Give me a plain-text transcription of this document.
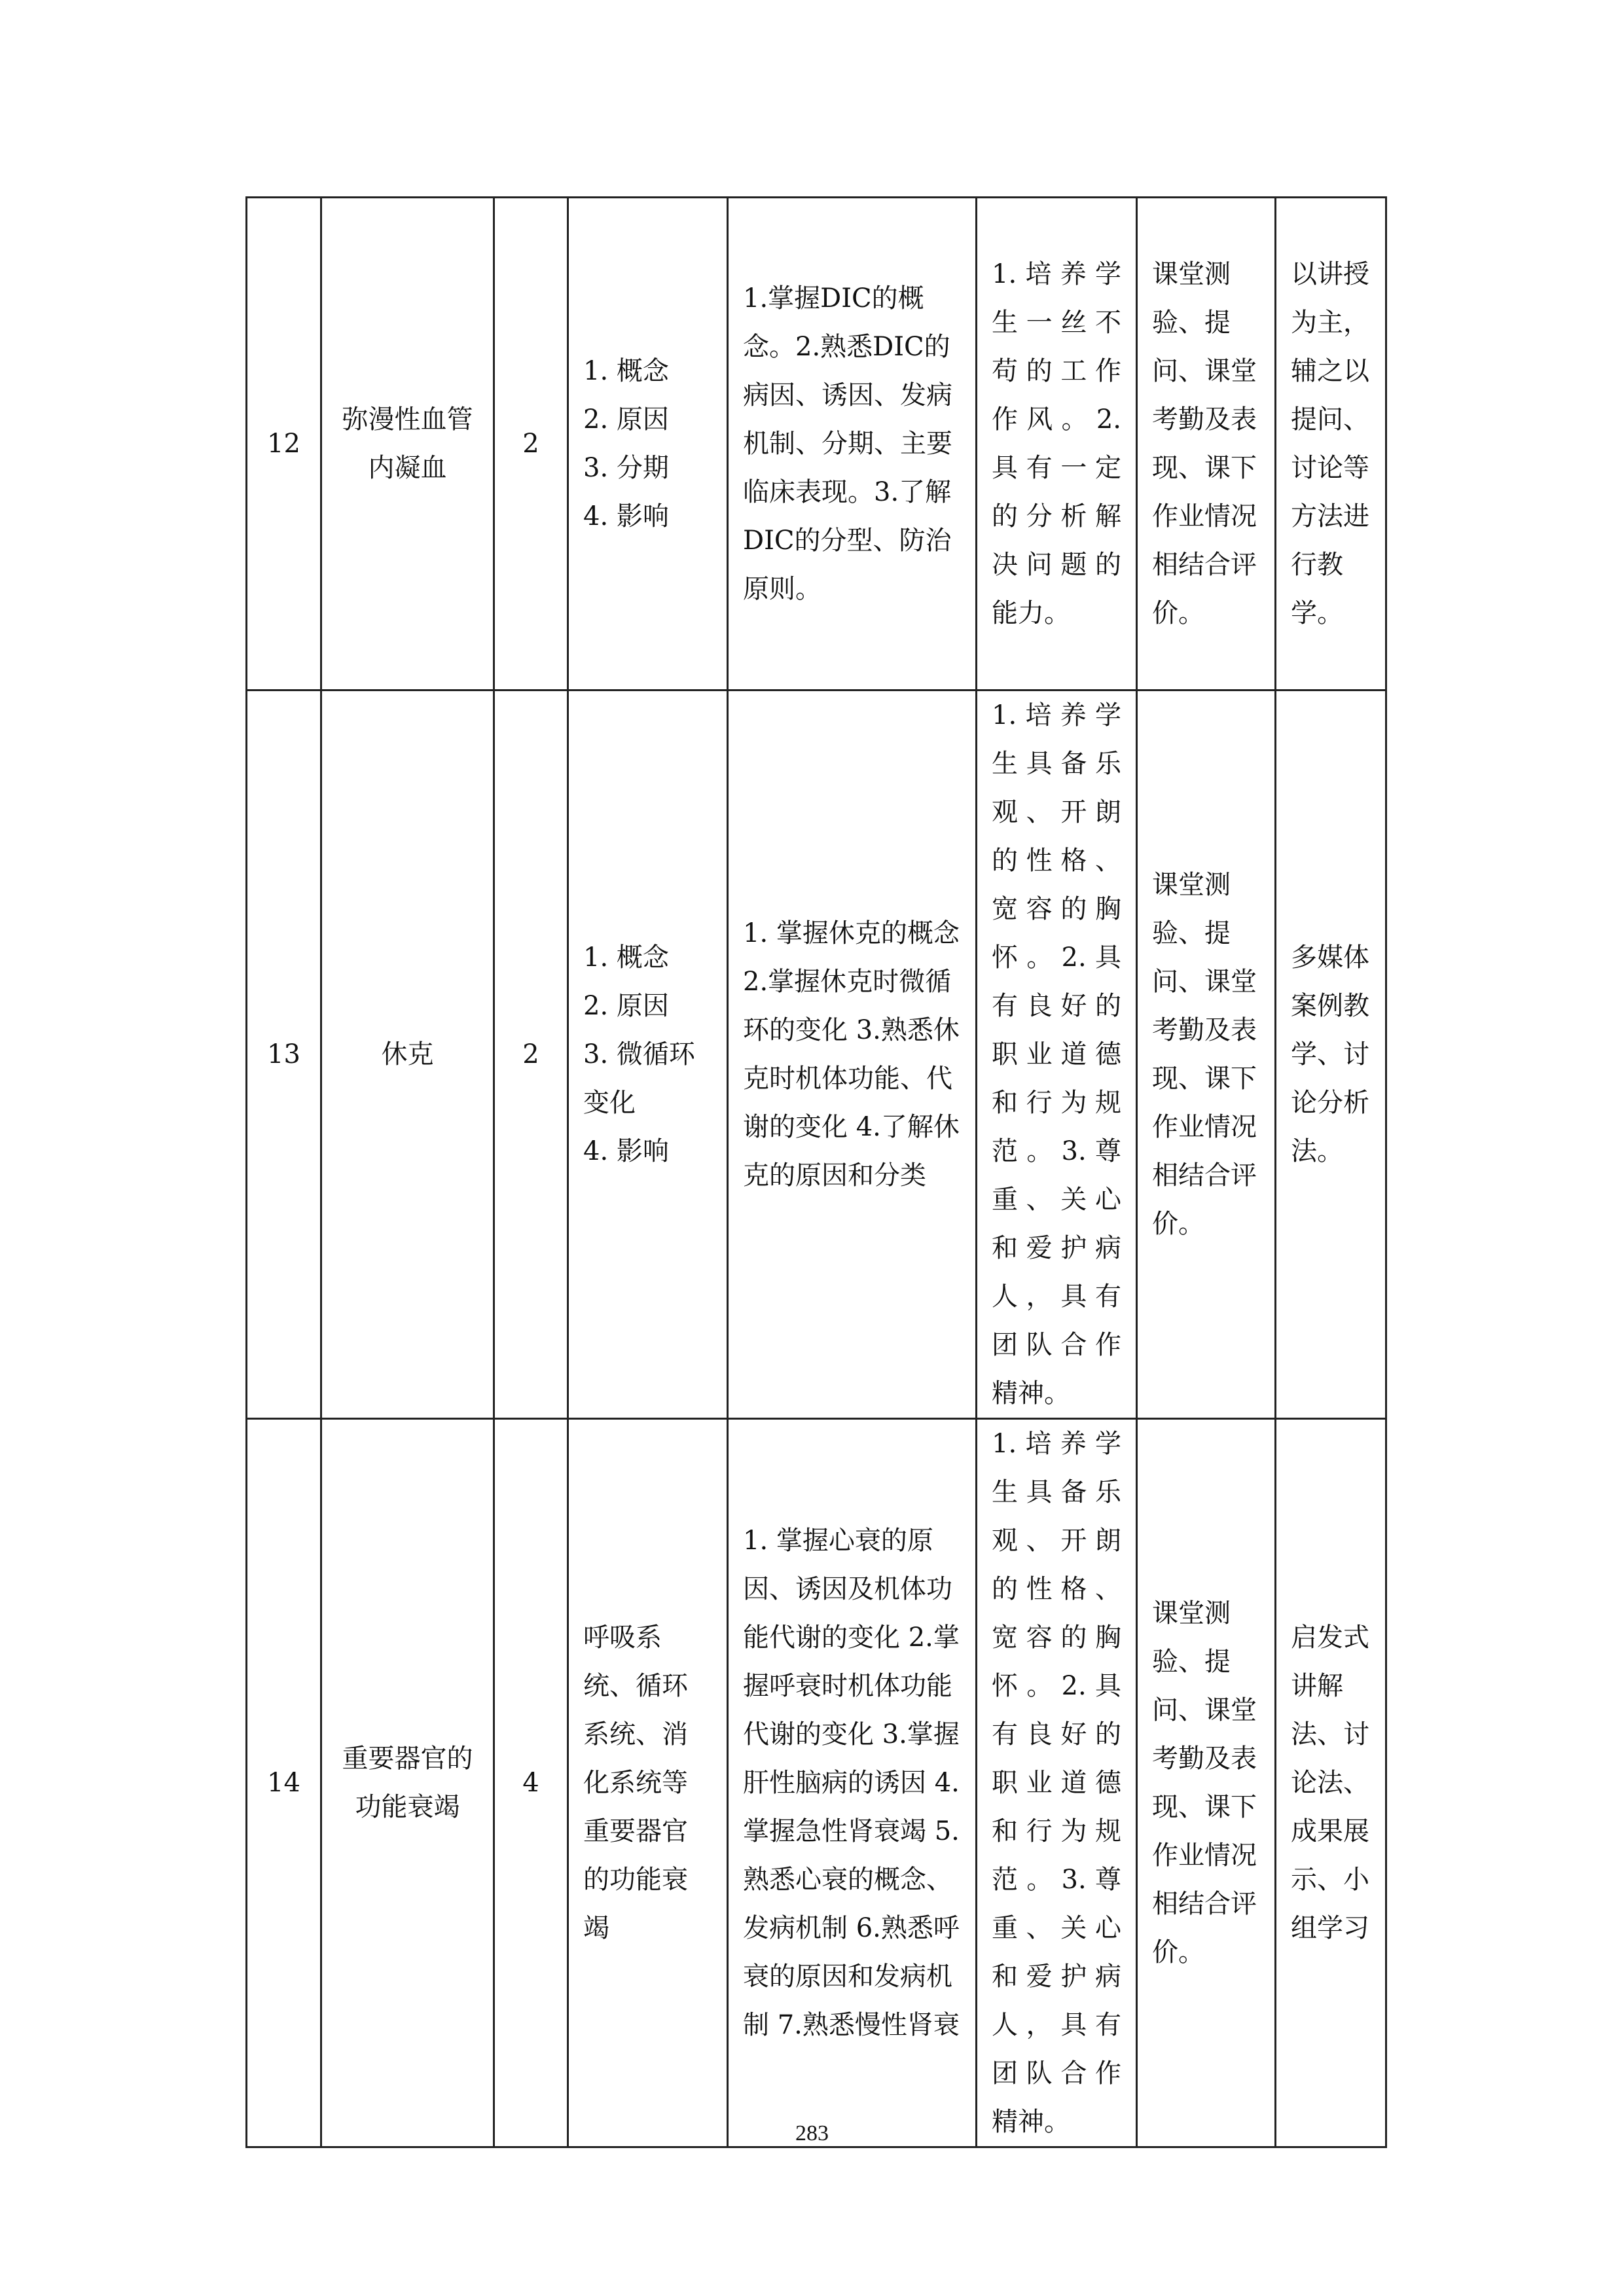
12	弥漫性血管内凝血	2	1. 概念
2. 原因
3. 分期
4. 影响	1.掌握DIC的概念。2.熟悉DIC的病因、诱因、发病机制、分期、主要临床表现。3.了解DIC的分型、防治原则。	1.培养学生一丝不苟的工作作风。2.具有一定的分析解决问题的能力。	课堂测验、提问、课堂考勤及表现、课下作业情况相结合评价。	以讲授为主，辅之以提问、讨论等方法进行教学。
13	休克	2	1. 概念
2. 原因
3. 微循环变化
4. 影响	1. 掌握休克的概念 2.掌握休克时微循环的变化 3.熟悉休克时机体功能、代谢的变化 4.了解休克的原因和分类	1.培养学生具备乐观、开朗的性格、宽容的胸怀。2.具有良好的职业道德和行为规范。3.尊重、关心和爱护病人，具有团队合作精神。	课堂测验、提问、课堂考勤及表现、课下作业情况相结合评价。	多媒体案例教学、讨论分析法。
14	重要器官的功能衰竭	4	呼吸系统、循环系统、消化系统等重要器官的功能衰竭	1. 掌握心衰的原因、诱因及机体功能代谢的变化 2.掌握呼衰时机体功能代谢的变化 3.掌握肝性脑病的诱因 4.掌握急性肾衰竭 5.熟悉心衰的概念、发病机制 6.熟悉呼衰的原因和发病机制 7.熟悉慢性肾衰	1.培养学生具备乐观、开朗的性格、宽容的胸怀。2.具有良好的职业道德和行为规范。3.尊重、关心和爱护病人，具有团队合作精神。	课堂测验、提问、课堂考勤及表现、课下作业情况相结合评价。	启发式讲解法、讨论法、成果展示、小组学习
283
